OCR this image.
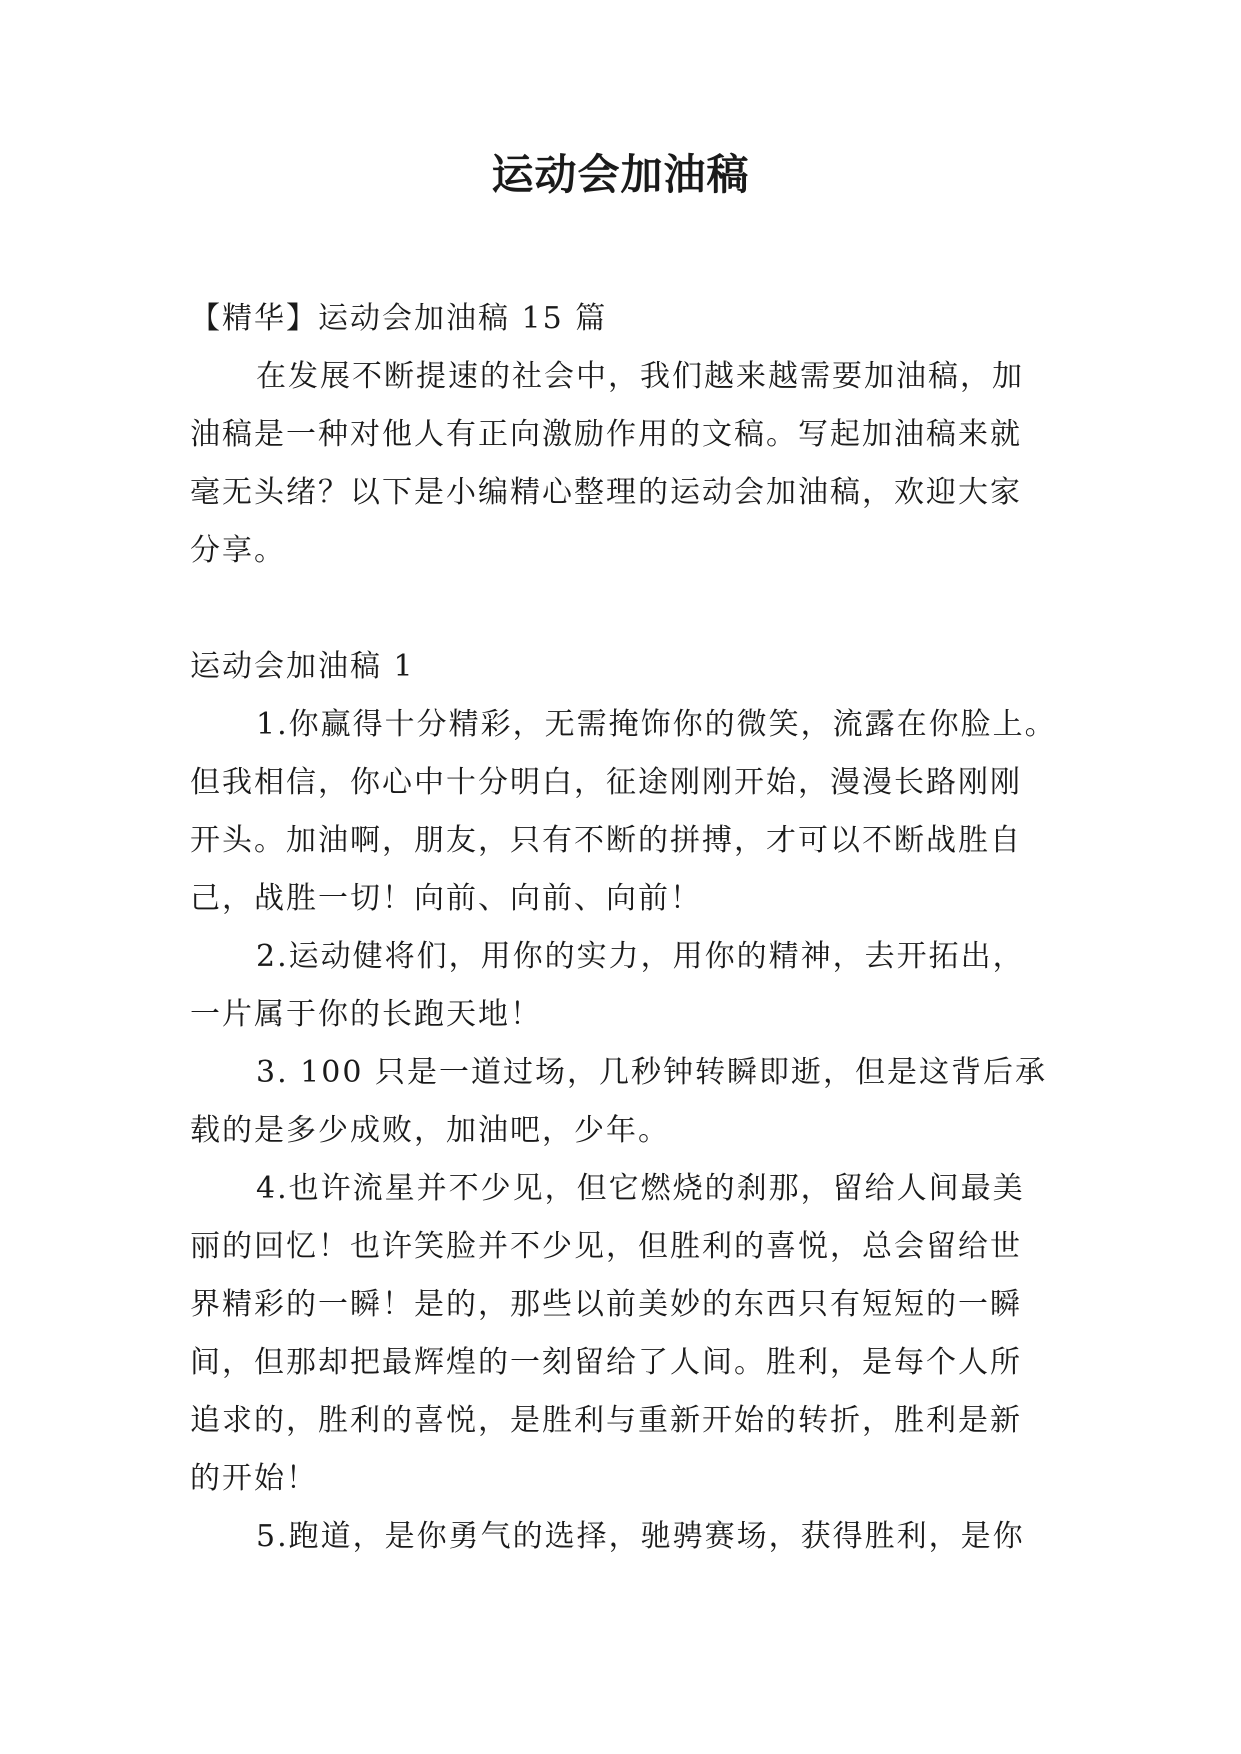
运动会加油稿
【精华】运动会加油稿 15 篇
在发展不断提速的社会中，我们越来越需要加油稿，加
油稿是一种对他人有正向激励作用的文稿。写起加油稿来就
毫无头绪？以下是小编精心整理的运动会加油稿，欢迎大家
分享。
运动会加油稿 1
1.你赢得十分精彩，无需掩饰你的微笑，流露在你脸上。
但我相信，你心中十分明白，征途刚刚开始，漫漫长路刚刚
开头。加油啊，朋友，只有不断的拼搏，才可以不断战胜自
己，战胜一切！向前、向前、向前！
2.运动健将们，用你的实力，用你的精神，去开拓出，
一片属于你的长跑天地！
3. 100 只是一道过场，几秒钟转瞬即逝，但是这背后承
载的是多少成败，加油吧，少年。
4.也许流星并不少见，但它燃烧的刹那，留给人间最美
丽的回忆！也许笑脸并不少见，但胜利的喜悦，总会留给世
界精彩的一瞬！是的，那些以前美妙的东西只有短短的一瞬
间，但那却把最辉煌的一刻留给了人间。胜利，是每个人所
追求的，胜利的喜悦，是胜利与重新开始的转折，胜利是新
的开始！
5.跑道，是你勇气的选择，驰骋赛场，获得胜利，是你
